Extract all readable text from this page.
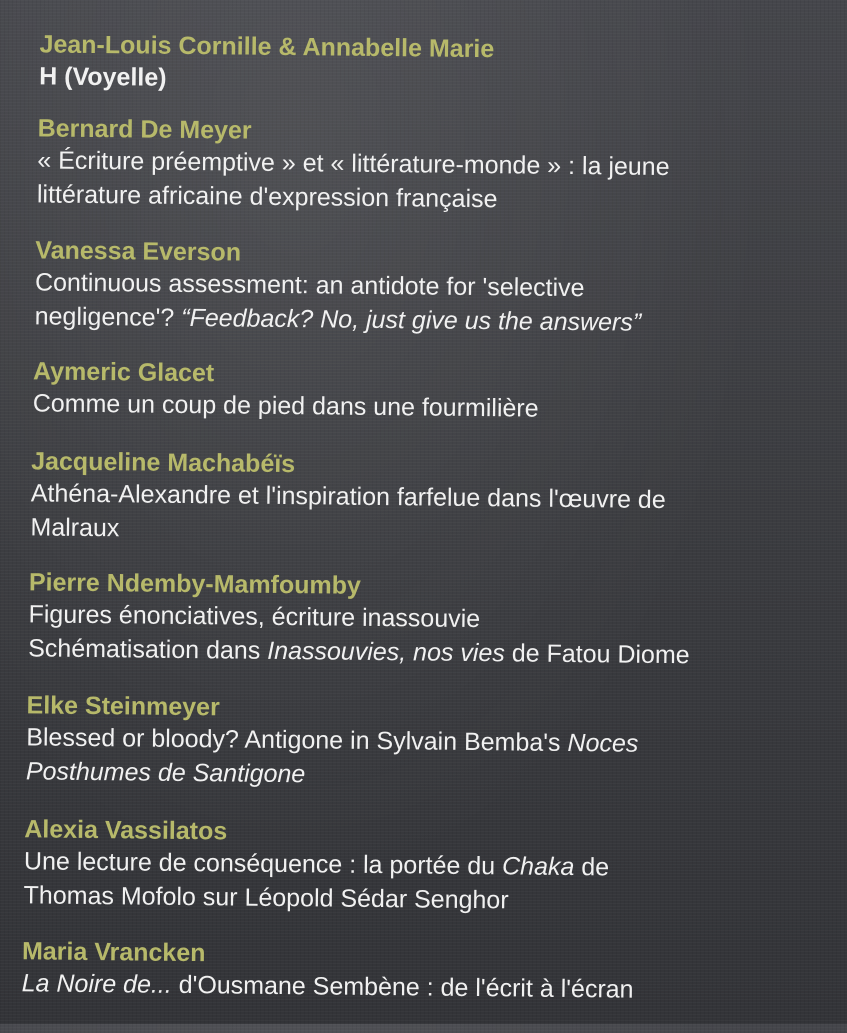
Jean-Louis Cornille & Annabelle Marie
H (Voyelle)
Bernard De Meyer
« Écriture préemptive » et « littérature-monde » : la jeune
littérature africaine d'expression française
Vanessa Everson
Continuous assessment: an antidote for 'selective
negligence'? “Feedback? No, just give us the answers”
Aymeric Glacet
Comme un coup de pied dans une fourmilière
Jacqueline Machabéïs
Athéna-Alexandre et l'inspiration farfelue dans l'œuvre de
Malraux
Pierre Ndemby-Mamfoumby
Figures énonciatives, écriture inassouvie
Schématisation dans Inassouvies, nos vies de Fatou Diome
Elke Steinmeyer
Blessed or bloody? Antigone in Sylvain Bemba's Noces
Posthumes de Santigone
Alexia Vassilatos
Une lecture de conséquence : la portée du Chaka de
Thomas Mofolo sur Léopold Sédar Senghor
Maria Vrancken
La Noire de... d'Ousmane Sembène : de l'écrit à l'écran
